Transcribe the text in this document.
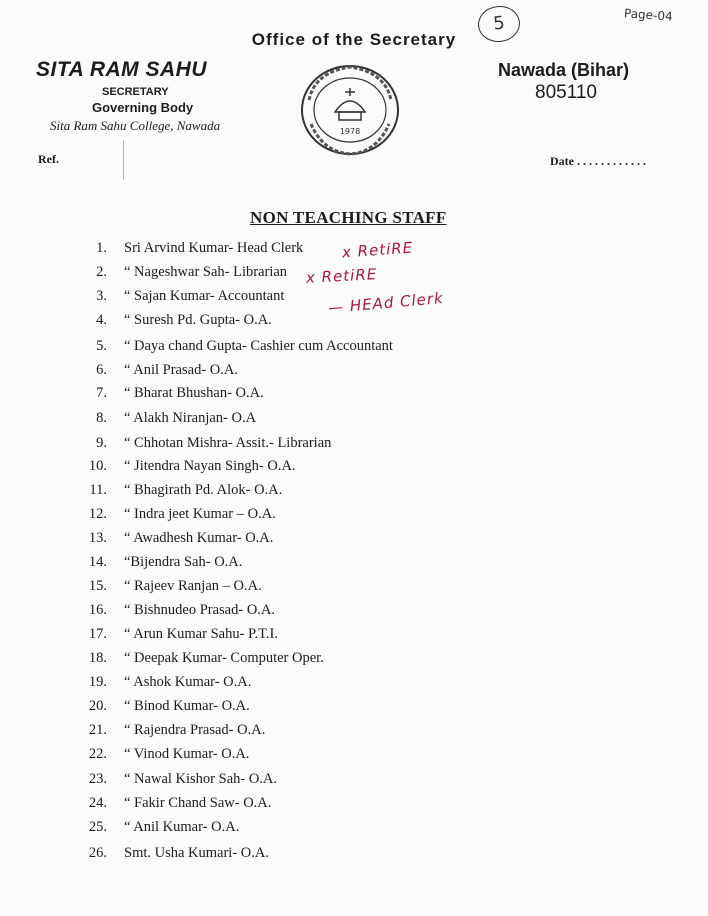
5	Page-04
Office of the Secretary
SITA RAM SAHU
SECRETARY
Governing Body
Sita Ram Sahu College, Nawada	1978
Nawada (Bihar)
805110
Ref.	Date . . . . . . . . . . . .
NON TEACHING STAFF
1. Sri Arvind Kumar- Head Clerk
2. “ Nageshwar Sah- Librarian
3. “ Sajan Kumar- Accountant
4. “ Suresh Pd. Gupta- O.A.
5. “ Daya chand Gupta- Cashier cum Accountant
6. “ Anil Prasad- O.A.
7. “ Bharat Bhushan- O.A.
8. “ Alakh Niranjan- O.A
9. “ Chhotan Mishra- Assit.- Librarian
10. “ Jitendra Nayan Singh- O.A.
11. “ Bhagirath Pd. Alok- O.A.
12. “ Indra jeet Kumar – O.A.
13. “ Awadhesh Kumar- O.A.
14. “Bijendra Sah- O.A.
15. “ Rajeev Ranjan – O.A.
16. “ Bishnudeo Prasad- O.A.
17. “ Arun Kumar Sahu- P.T.I.
18. “ Deepak Kumar- Computer Oper.
19. “ Ashok Kumar- O.A.
20. “ Binod Kumar- O.A.
21. “ Rajendra Prasad- O.A.
22. “ Vinod Kumar- O.A.
23. “ Nawal Kishor Sah- O.A.
24. “ Fakir Chand Saw- O.A.
25. “ Anil Kumar- O.A.
26. Smt. Usha Kumari- O.A.
x RetiRE
x RetiRE
— HEAd Clerk
